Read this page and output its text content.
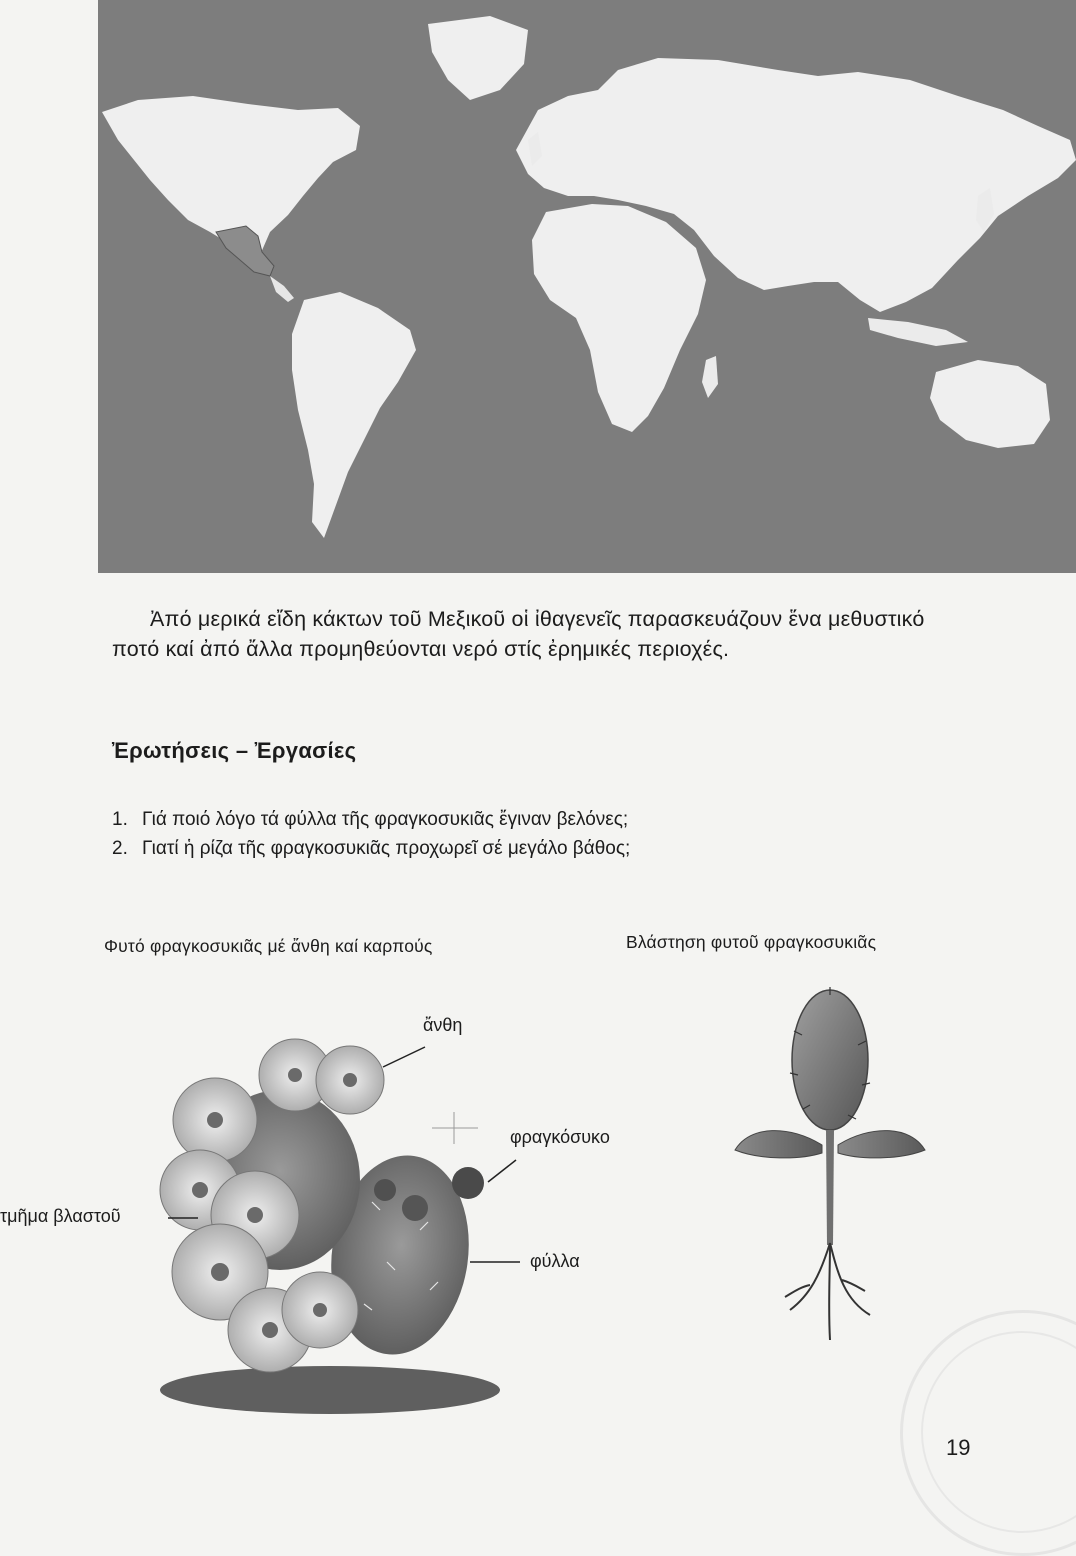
Ἀπό μερικά εἴδη κάκτων τοῦ Μεξικοῦ οἱ ἰθαγενεῖς παρασκευάζουν ἕνα μεθυστικό ποτό καί ἀπό ἄλλα προμηθεύονται νερό στίς ἐρημικές περιοχές.
Ἐρωτήσεις – Ἐργασίες
1. Γιά ποιό λόγο τά φύλλα τῆς φραγκοσυκιᾶς ἔγιναν βελόνες;
2. Γιατί ἡ ρίζα τῆς φραγκοσυκιᾶς προχωρεῖ σέ μεγάλο βάθος;
Φυτό φραγκοσυκιᾶς μέ ἄνθη καί καρπούς	Βλάστηση φυτοῦ φραγκοσυκιᾶς
ἄνθη
φραγκόσυκο
τμῆμα βλαστοῦ
φύλλα
19
